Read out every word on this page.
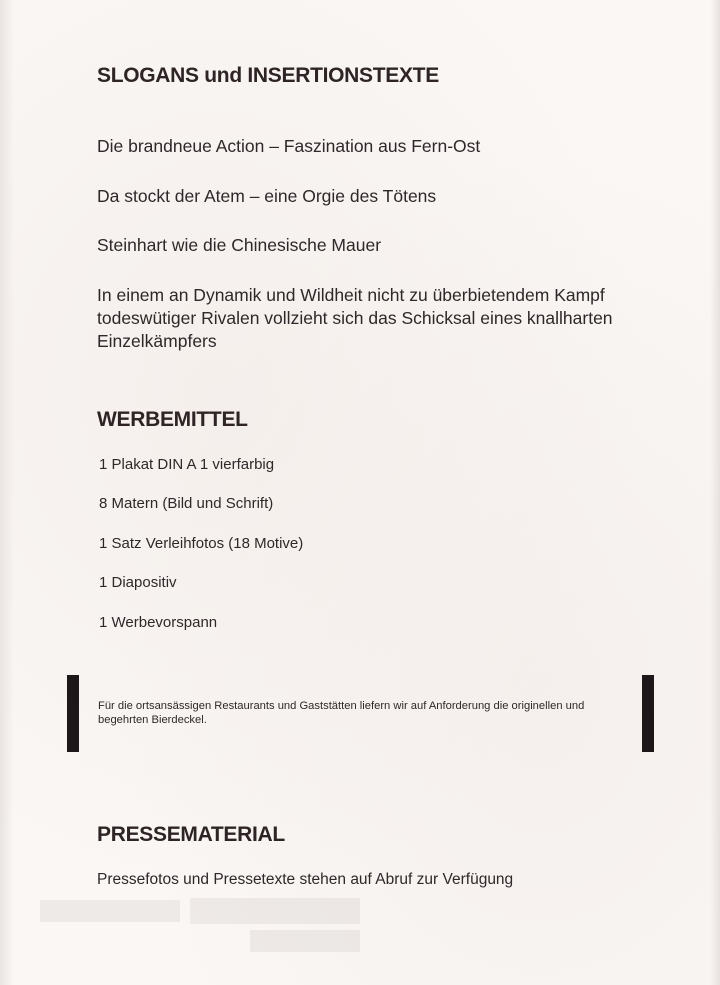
SLOGANS und INSERTIONSTEXTE

Die brandneue Action – Faszination aus Fern-Ost

Da stockt der Atem – eine Orgie des Tötens

Steinhart wie die Chinesische Mauer

In einem an Dynamik und Wildheit nicht zu überbietendem Kampf todeswütiger Rivalen vollzieht sich das Schicksal eines knallharten Einzelkämpfers

WERBEMITTEL

1 Plakat DIN A 1 vierfarbig

8 Matern (Bild und Schrift)

1 Satz Verleihfotos (18 Motive)

1 Diapositiv

1 Werbevorspann

Für die ortsansässigen Restaurants und Gaststätten liefern wir auf Anforderung die originellen und begehrten Bierdeckel.

PRESSEMATERIAL

Pressefotos und Pressetexte stehen auf Abruf zur Verfügung
